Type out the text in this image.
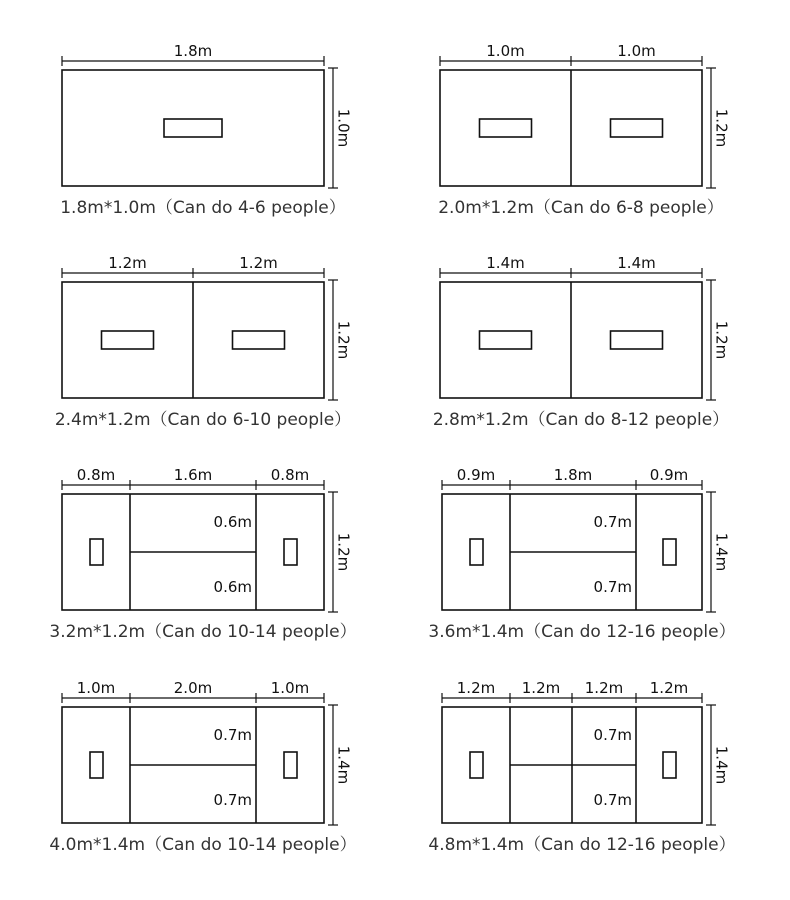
1.8m
1.0m
1.8m*1.0m（Can do 4-6 people）
1.0m	1.0m
1.2m
2.0m*1.2m（Can do 6-8 people）
1.2m	1.2m
1.2m
2.4m*1.2m（Can do 6-10 people）
1.4m	1.4m
1.2m
2.8m*1.2m（Can do 8-12 people）
0.8m	1.6m	0.8m
1.2m
0.6m
0.6m
3.2m*1.2m（Can do 10-14 people）
0.9m	1.8m	0.9m
1.4m
0.7m
0.7m
3.6m*1.4m（Can do 12-16 people）
1.0m	2.0m	1.0m
1.4m
0.7m
0.7m
4.0m*1.4m（Can do 10-14 people）
1.2m 1.2m 1.2m 1.2m
1.4m
0.7m
0.7m
4.8m*1.4m（Can do 12-16 people）
